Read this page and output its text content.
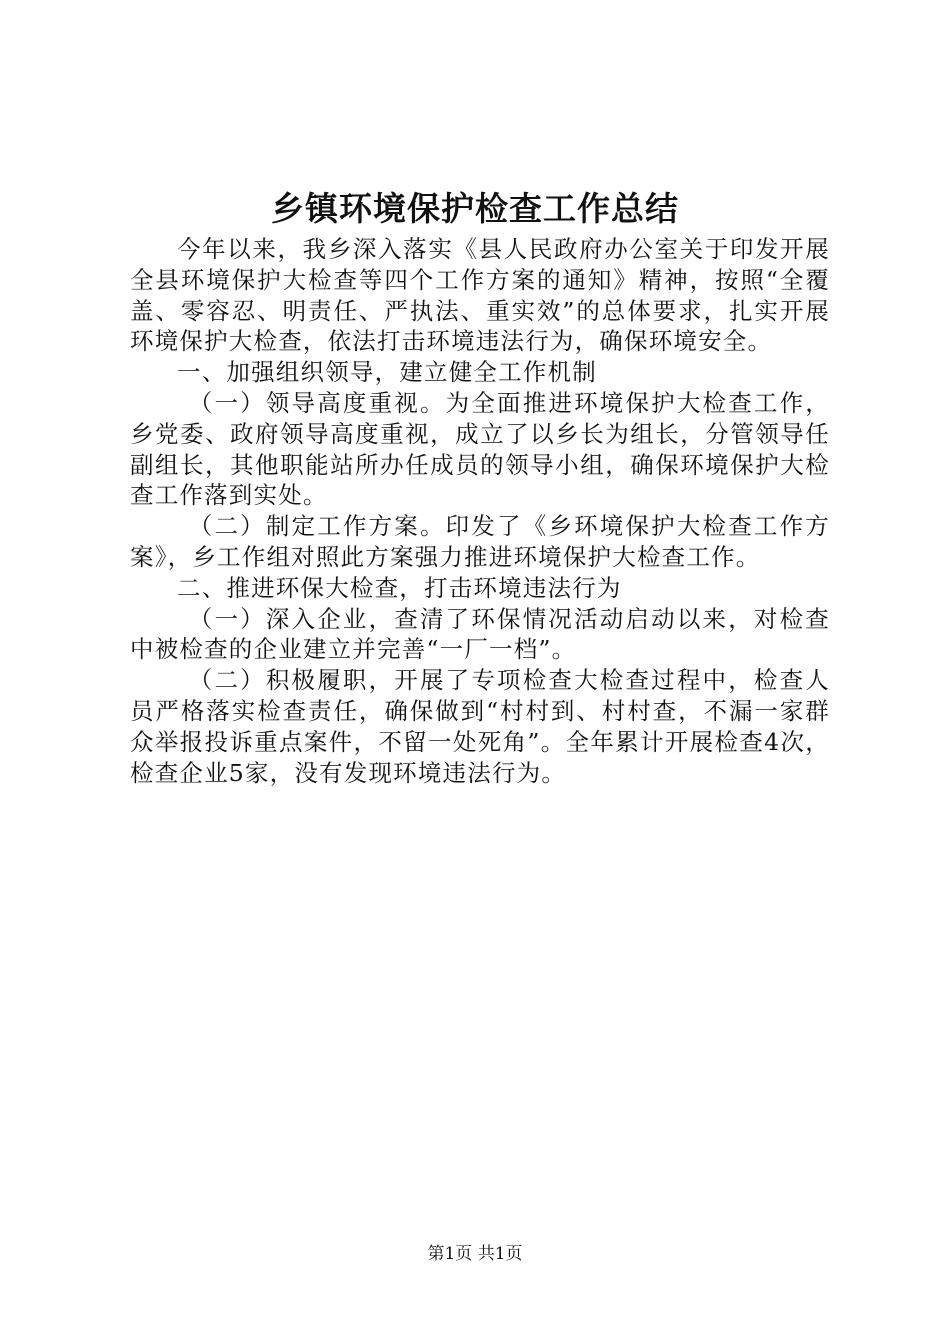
乡镇环境保护检查工作总结

今年以来，我乡深入落实《县人民政府办公室关于印发开展全县环境保护大检查等四个工作方案的通知》精神，按照“全覆盖、零容忍、明责任、严执法、重实效”的总体要求，扎实开展环境保护大检查，依法打击环境违法行为，确保环境安全。

一、加强组织领导，建立健全工作机制

（一）领导高度重视。为全面推进环境保护大检查工作，乡党委、政府领导高度重视，成立了以乡长为组长，分管领导任副组长，其他职能站所办任成员的领导小组，确保环境保护大检查工作落到实处。

（二）制定工作方案。印发了《乡环境保护大检查工作方案》，乡工作组对照此方案强力推进环境保护大检查工作。

二、推进环保大检查，打击环境违法行为

（一）深入企业，查清了环保情况活动启动以来，对检查中被检查的企业建立并完善“一厂一档”。

（二）积极履职，开展了专项检查大检查过程中，检查人员严格落实检查责任，确保做到“村村到、村村查，不漏一家群众举报投诉重点案件，不留一处死角”。全年累计开展检查4次，检查企业5家，没有发现环境违法行为。

第1页 共1页
